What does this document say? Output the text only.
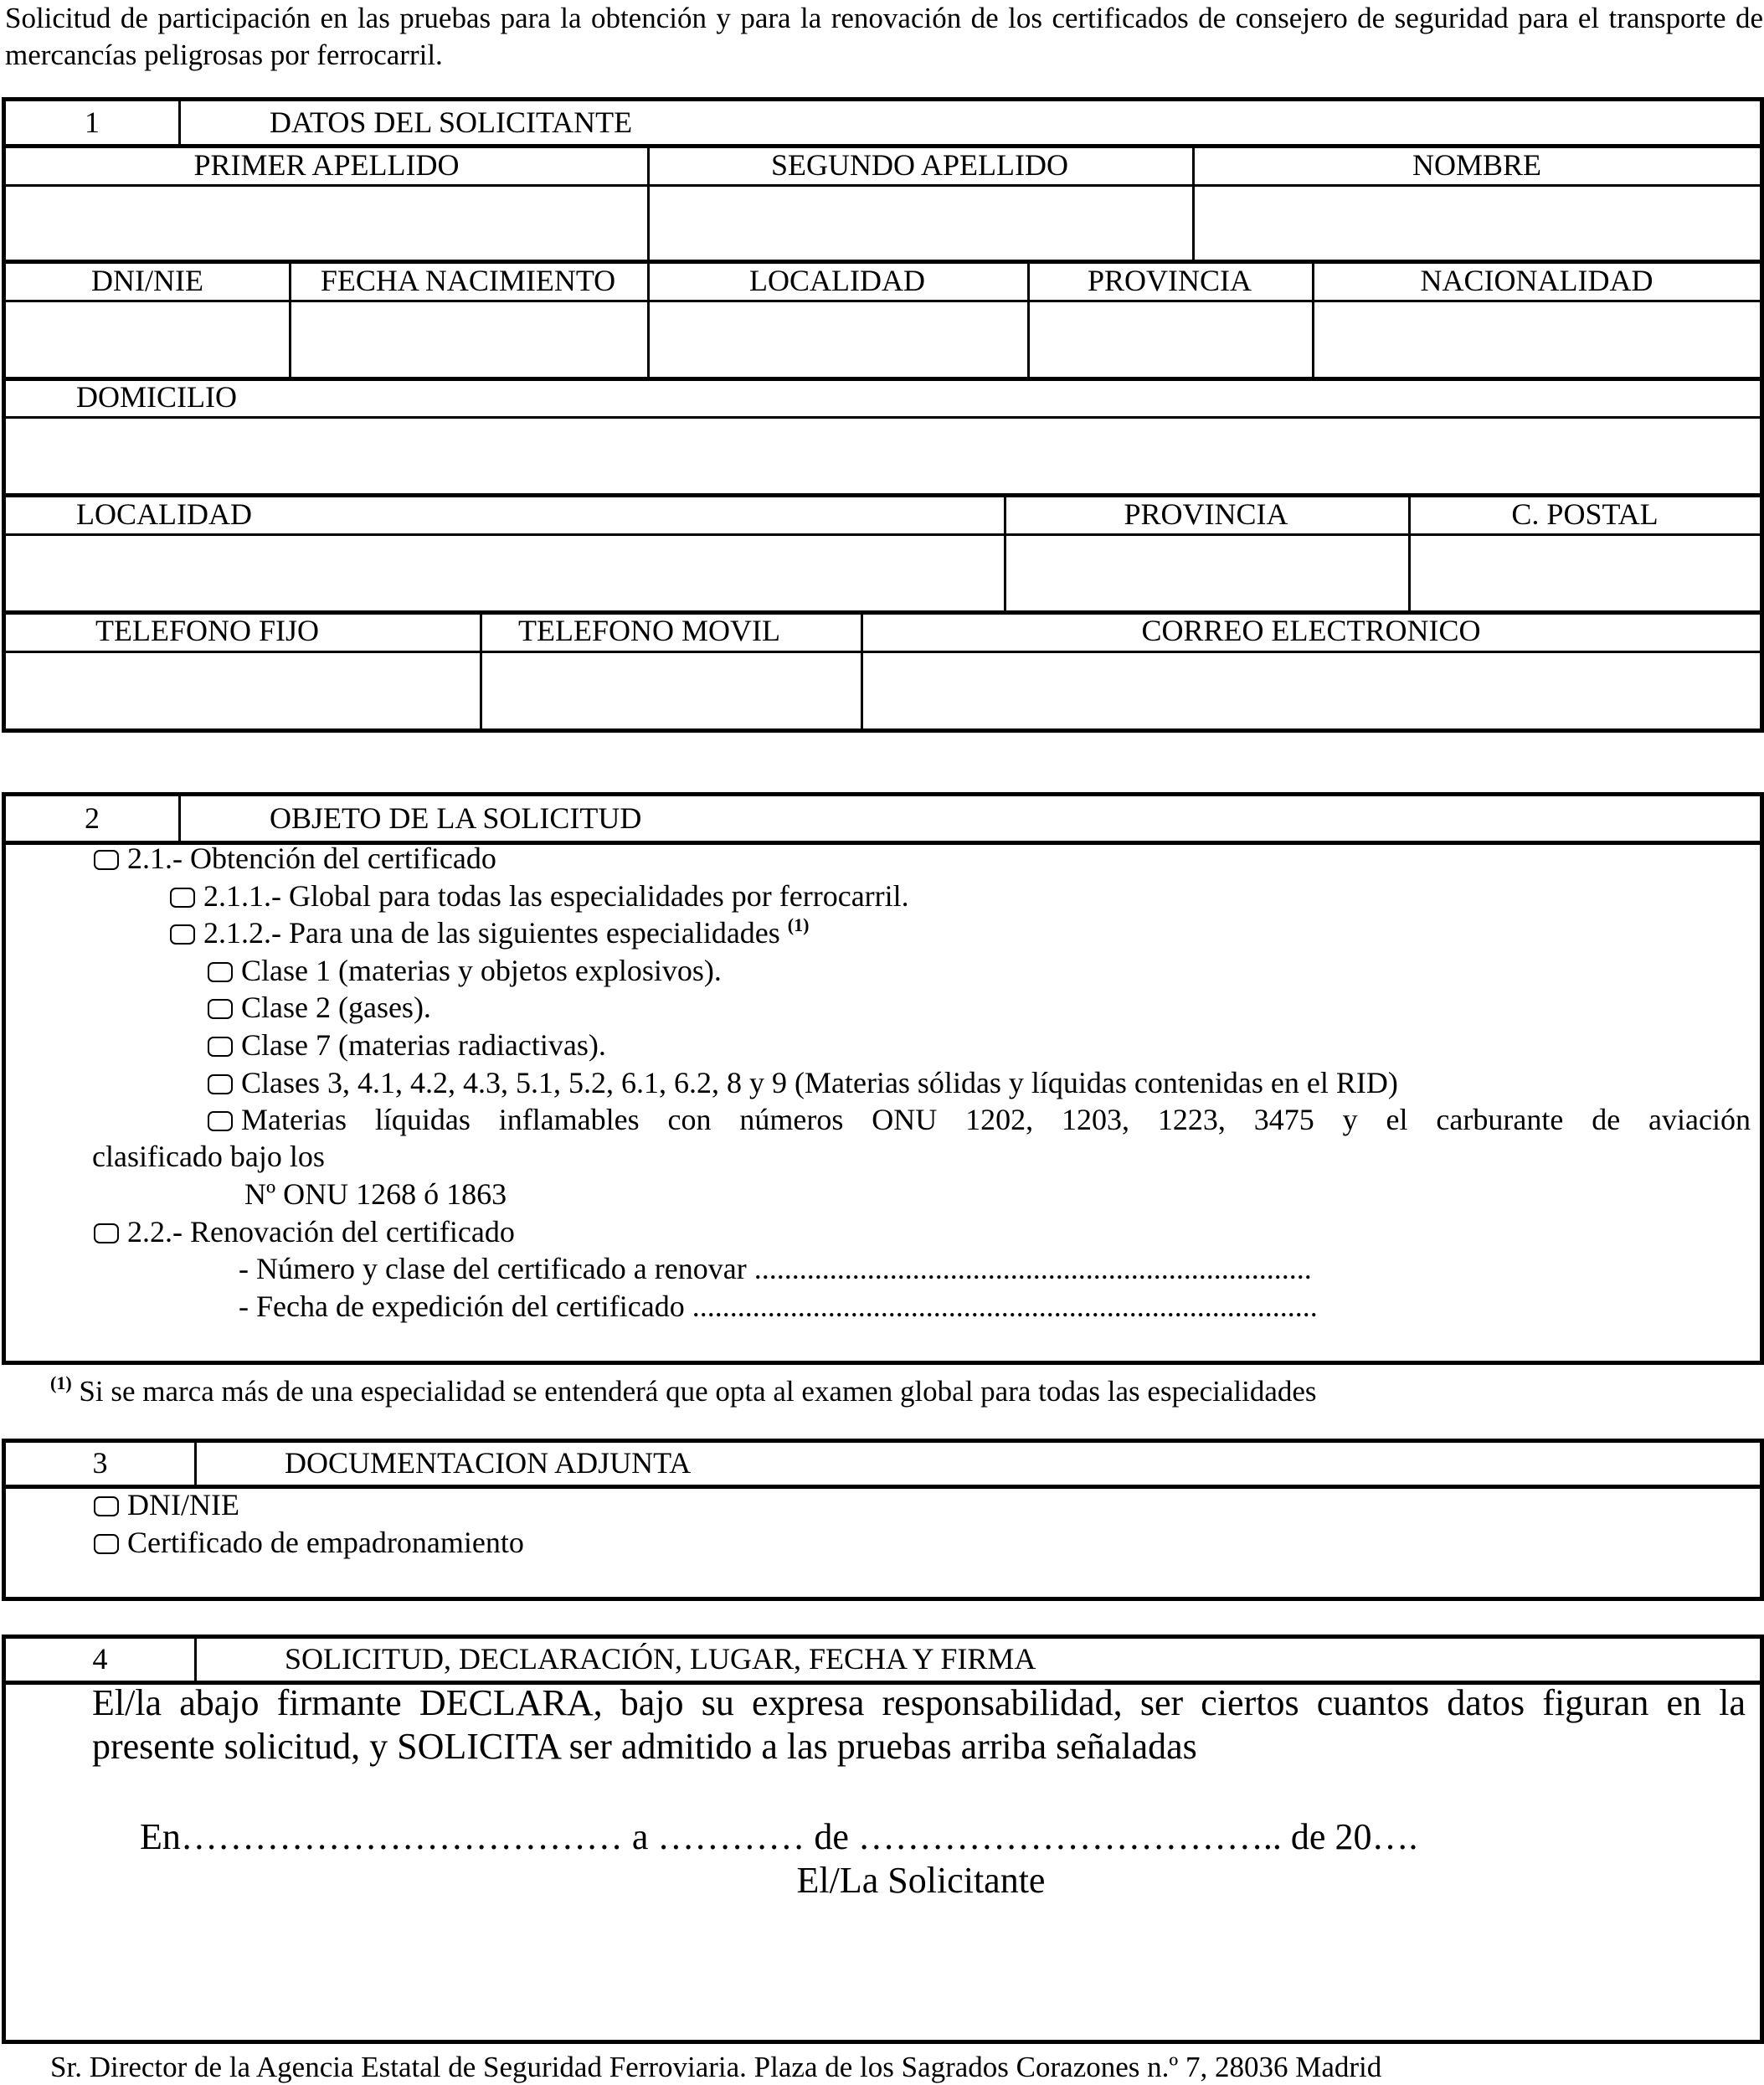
Solicitud de participación en las pruebas para la obtención y para la renovación de los certificados de consejero de seguridad para el transporte de mercancías peligrosas por ferrocarril.
1	DATOS DEL SOLICITANTE
PRIMER APELLIDO	SEGUNDO APELLIDO	NOMBRE
DNI/NIE	FECHA NACIMIENTO	LOCALIDAD	PROVINCIA	NACIONALIDAD
DOMICILIO
LOCALIDAD	PROVINCIA	C. POSTAL
TELEFONO FIJO	TELEFONO MOVIL	CORREO ELECTRONICO
2	OBJETO DE LA SOLICITUD
2.1.- Obtención del certificado
2.1.1.- Global para todas las especialidades por ferrocarril.
2.1.2.- Para una de las siguientes especialidades $^{(1)}$
Clase 1 (materias y objetos explosivos).
Clase 2 (gases).
Clase 7 (materias radiactivas).
Clases 3, 4.1, 4.2, 4.3, 5.1, 5.2, 6.1, 6.2, 8 y 9 (Materias sólidas y líquidas contenidas en el RID)
Materias líquidas inflamables con números ONU 1202, 1203, 1223, 3475 y el carburante de aviación
clasificado bajo los
Nº ONU 1268 ó 1863
2.2.- Renovación del certificado
- Número y clase del certificado a renovar ..........................................................................
- Fecha de expedición del certificado ...................................................................................
$^{(1)}$ Si se marca más de una especialidad se entenderá que opta al examen global para todas las especialidades
3	DOCUMENTACION ADJUNTA
DNI/NIE
Certificado de empadronamiento
4	SOLICITUD, DECLARACIÓN, LUGAR, FECHA Y FIRMA
El/la abajo firmante DECLARA, bajo su expresa responsabilidad, ser ciertos cuantos datos figuran en la presente solicitud, y SOLICITA ser admitido a las pruebas arriba señaladas
En……………………………… a ………… de …………………………….. de 20….
El/La Solicitante
Sr. Director de la Agencia Estatal de Seguridad Ferroviaria. Plaza de los Sagrados Corazones n.º 7, 28036 Madrid
